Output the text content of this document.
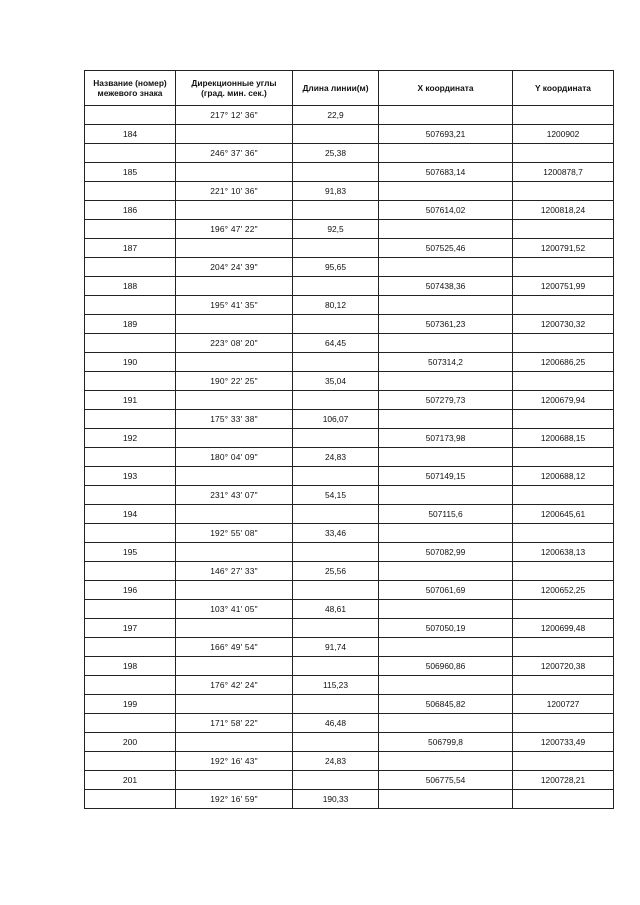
Название (номер)
межевого знака	Дирекционные углы
(град. мин. сек.)	Длина линии(м)	X координата	Y координата
	217° 12' 36"	22,9		
184			507693,21	1200902
	246° 37' 36"	25,38		
185			507683,14	1200878,7
	221° 10' 36"	91,83		
186			507614,02	1200818,24
	196° 47' 22"	92,5		
187			507525,46	1200791,52
	204° 24' 39"	95,65		
188			507438,36	1200751,99
	195° 41' 35"	80,12		
189			507361,23	1200730,32
	223° 08' 20"	64,45		
190			507314,2	1200686,25
	190° 22' 25"	35,04		
191			507279,73	1200679,94
	175° 33' 38"	106,07		
192			507173,98	1200688,15
	180° 04' 09"	24,83		
193			507149,15	1200688,12
	231° 43' 07"	54,15		
194			507115,6	1200645,61
	192° 55' 08"	33,46		
195			507082,99	1200638,13
	146° 27' 33"	25,56		
196			507061,69	1200652,25
	103° 41' 05"	48,61		
197			507050,19	1200699,48
	166° 49' 54"	91,74		
198			506960,86	1200720,38
	176° 42' 24"	115,23		
199			506845,82	1200727
	171° 58' 22"	46,48		
200			506799,8	1200733,49
	192° 16' 43"	24,83		
201			506775,54	1200728,21
	192° 16' 59"	190,33		
